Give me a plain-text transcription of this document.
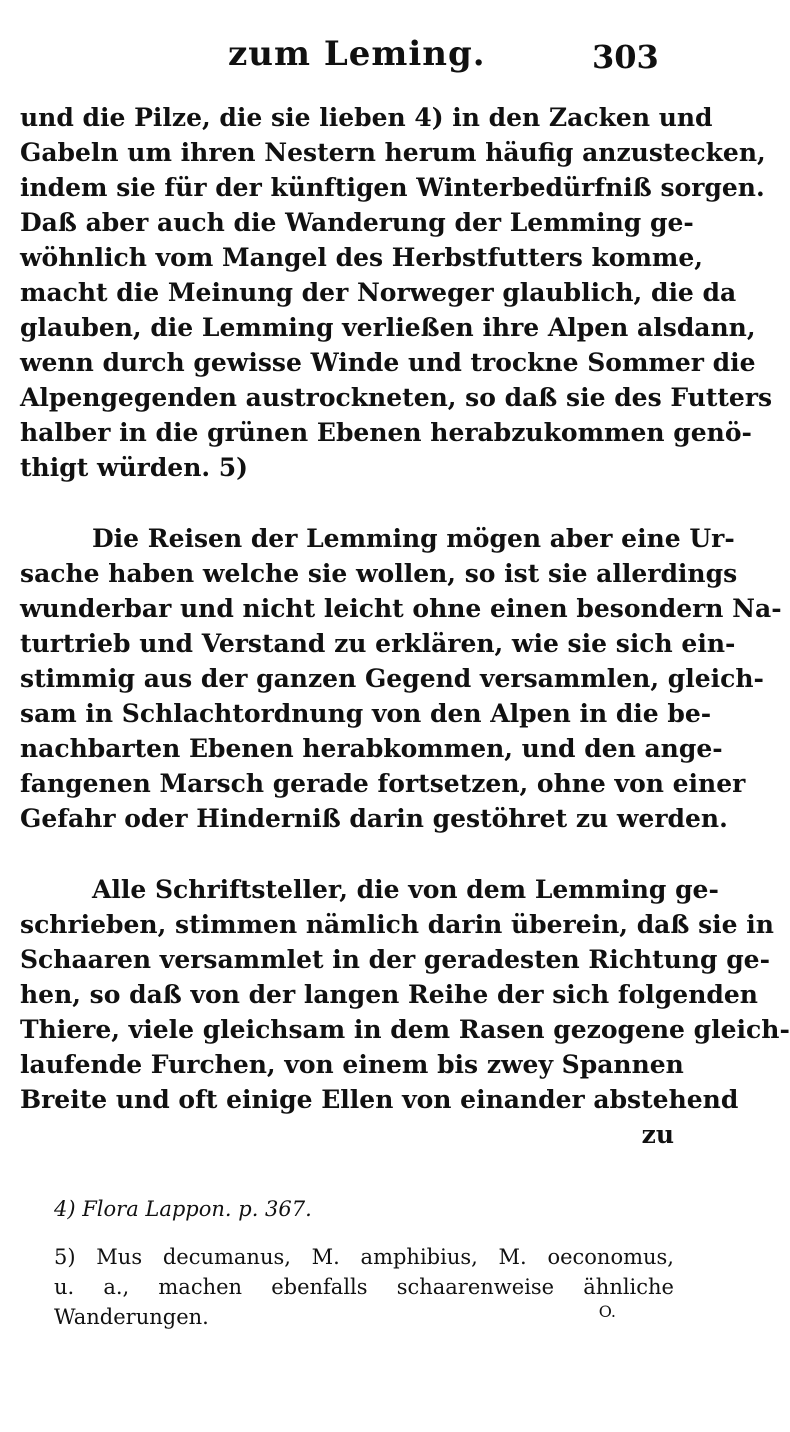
zum Leming.	303
und die Pilze, die sie lieben 4) in den Zacken und
Gabeln um ihren Nestern herum häufig anzustecken,
indem sie für der künftigen Winterbedürfniß sorgen.
Daß aber auch die Wanderung der Lemming ge-
wöhnlich vom Mangel des Herbstfutters komme,
macht die Meinung der Norweger glaublich, die da
glauben, die Lemming verließen ihre Alpen alsdann,
wenn durch gewisse Winde und trockne Sommer die
Alpengegenden austrockneten, so daß sie des Futters
halber in die grünen Ebenen herabzukommen genö-
thigt würden. 5)
Die Reisen der Lemming mögen aber eine Ur-
sache haben welche sie wollen, so ist sie allerdings
wunderbar und nicht leicht ohne einen besondern Na-
turtrieb und Verstand zu erklären, wie sie sich ein-
stimmig aus der ganzen Gegend versammlen, gleich-
sam in Schlachtordnung von den Alpen in die be-
nachbarten Ebenen herabkommen, und den ange-
fangenen Marsch gerade fortsetzen, ohne von einer
Gefahr oder Hinderniß darin gestöhret zu werden.
Alle Schriftsteller, die von dem Lemming ge-
schrieben, stimmen nämlich darin überein, daß sie in
Schaaren versammlet in der geradesten Richtung ge-
hen, so daß von der langen Reihe der sich folgenden
Thiere, viele gleichsam in dem Rasen gezogene gleich-
laufende Furchen, von einem bis zwey Spannen
Breite und oft einige Ellen von einander abstehend
zu
4) Flora Lappon. p. 367.
5) Mus decumanus, M. amphibius, M. oeconomus,
u. a., machen ebenfalls schaarenweise ähnliche
Wanderungen.	O.
